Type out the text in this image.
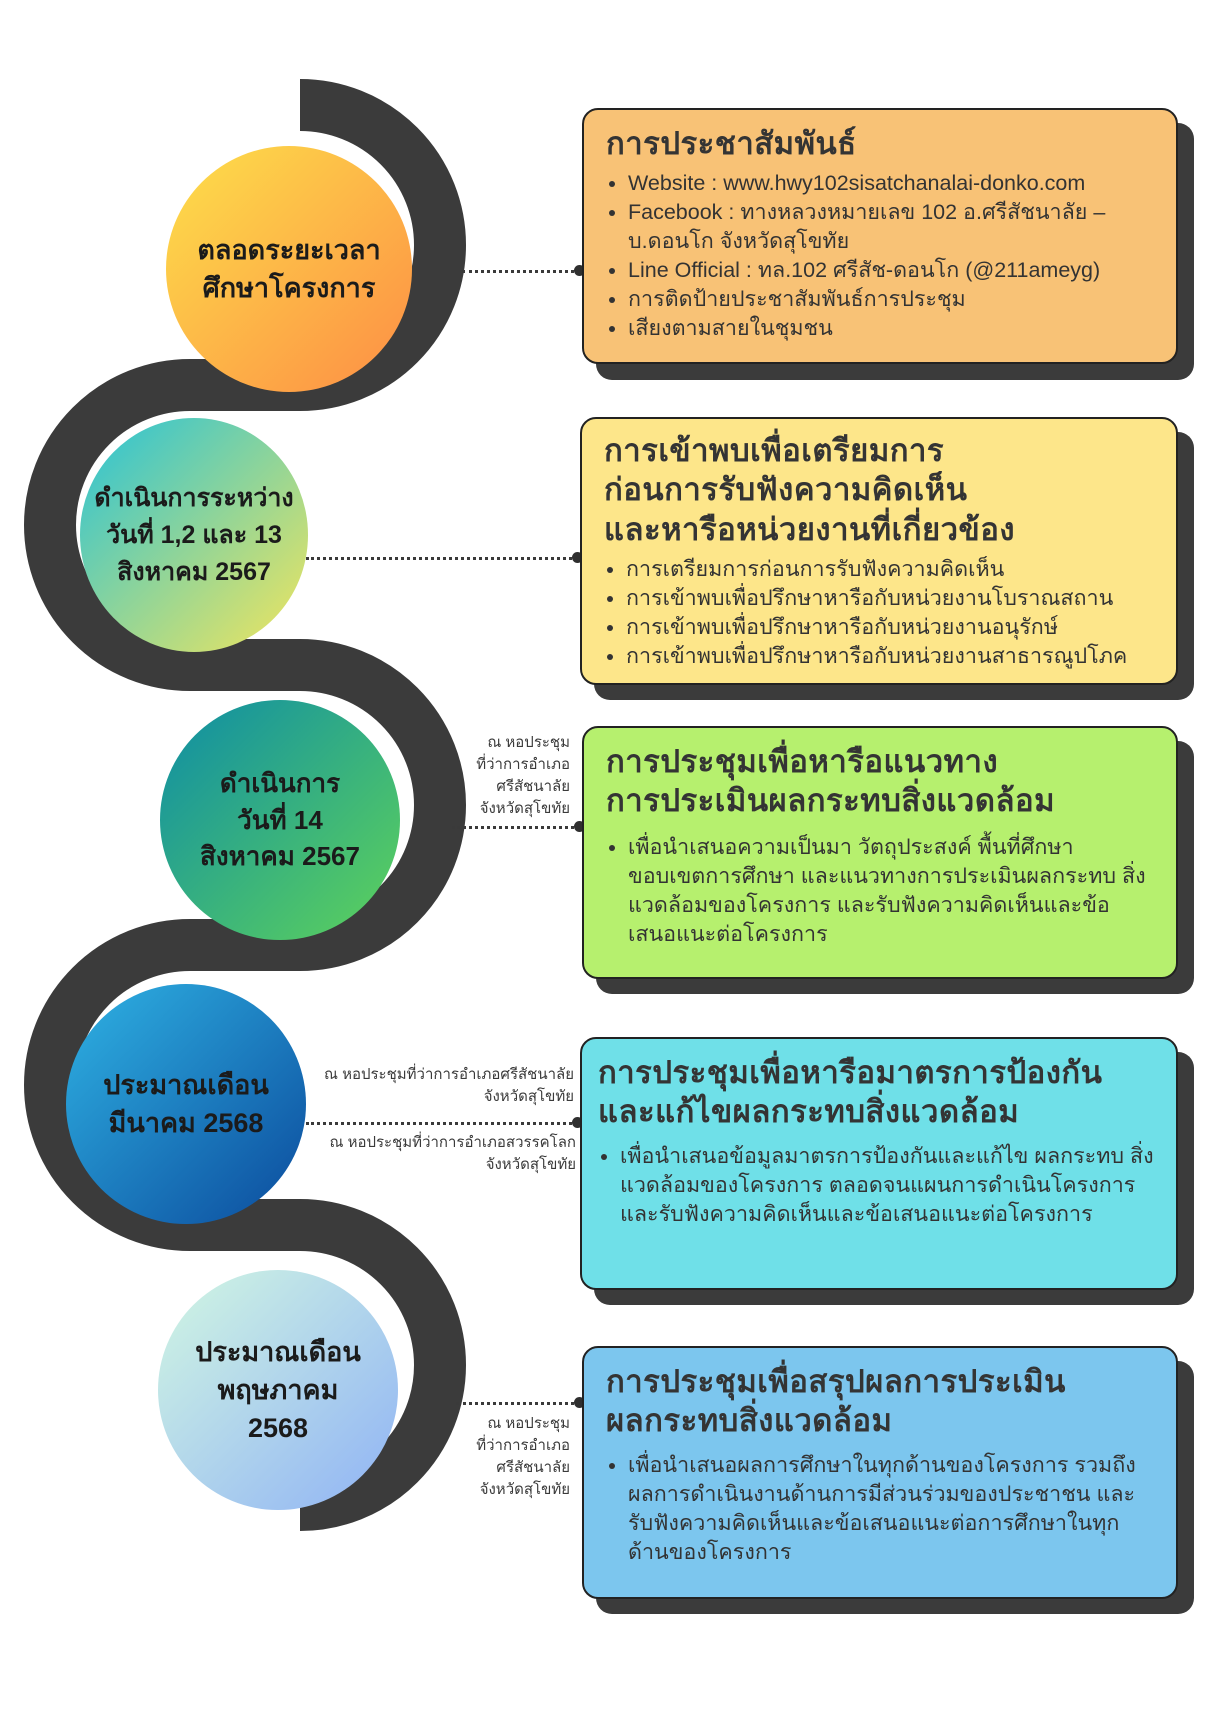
ตลอดระยะเวลา
ศึกษาโครงการ
การประชาสัมพันธ์
• Website : www.hwy102sisatchanalai-donko.com
• Facebook : ทางหลวงหมายเลข 102 อ.ศรีสัชนาลัย – บ.ดอนโก จังหวัดสุโขทัย
• Line Official : ทล.102 ศรีสัช-ดอนโก (@211ameyg)
• การติดป้ายประชาสัมพันธ์การประชุม
• เสียงตามสายในชุมชน
ดำเนินการระหว่าง
วันที่ 1,2 และ 13
สิงหาคม 2567
การเข้าพบเพื่อเตรียมการ
ก่อนการรับฟังความคิดเห็น
และหารือหน่วยงานที่เกี่ยวข้อง
• การเตรียมการก่อนการรับฟังความคิดเห็น
• การเข้าพบเพื่อปรึกษาหารือกับหน่วยงานโบราณสถาน
• การเข้าพบเพื่อปรึกษาหารือกับหน่วยงานอนุรักษ์
• การเข้าพบเพื่อปรึกษาหารือกับหน่วยงานสาธารณูปโภค
ดำเนินการ
วันที่ 14
สิงหาคม 2567
ณ หอประชุม
ที่ว่าการอำเภอ
ศรีสัชนาลัย
จังหวัดสุโขทัย
การประชุมเพื่อหารือแนวทาง
การประเมินผลกระทบสิ่งแวดล้อม
• เพื่อนำเสนอความเป็นมา วัตถุประสงค์ พื้นที่ศึกษา ขอบเขตการศึกษา และแนวทางการประเมินผลกระทบ สิ่งแวดล้อมของโครงการ และรับฟังความคิดเห็นและข้อเสนอแนะต่อโครงการ
ประมาณเดือน
มีนาคม 2568
ณ หอประชุมที่ว่าการอำเภอศรีสัชนาลัย
จังหวัดสุโขทัย
ณ หอประชุมที่ว่าการอำเภอสวรรคโลก
จังหวัดสุโขทัย
การประชุมเพื่อหารือมาตรการป้องกัน
และแก้ไขผลกระทบสิ่งแวดล้อม
• เพื่อนำเสนอข้อมูลมาตรการป้องกันและแก้ไข ผลกระทบ สิ่งแวดล้อมของโครงการ ตลอดจนแผนการดำเนินโครงการ และรับฟังความคิดเห็นและข้อเสนอแนะต่อโครงการ
ประมาณเดือน
พฤษภาคม
2568	ณ หอประชุม
ที่ว่าการอำเภอ
ศรีสัชนาลัย
จังหวัดสุโขทัย
การประชุมเพื่อสรุปผลการประเมิน
ผลกระทบสิ่งแวดล้อม
• เพื่อนำเสนอผลการศึกษาในทุกด้านของโครงการ รวมถึงผลการดำเนินงานด้านการมีส่วนร่วมของประชาชน และรับฟังความคิดเห็นและข้อเสนอแนะต่อการศึกษาในทุกด้านของโครงการ
